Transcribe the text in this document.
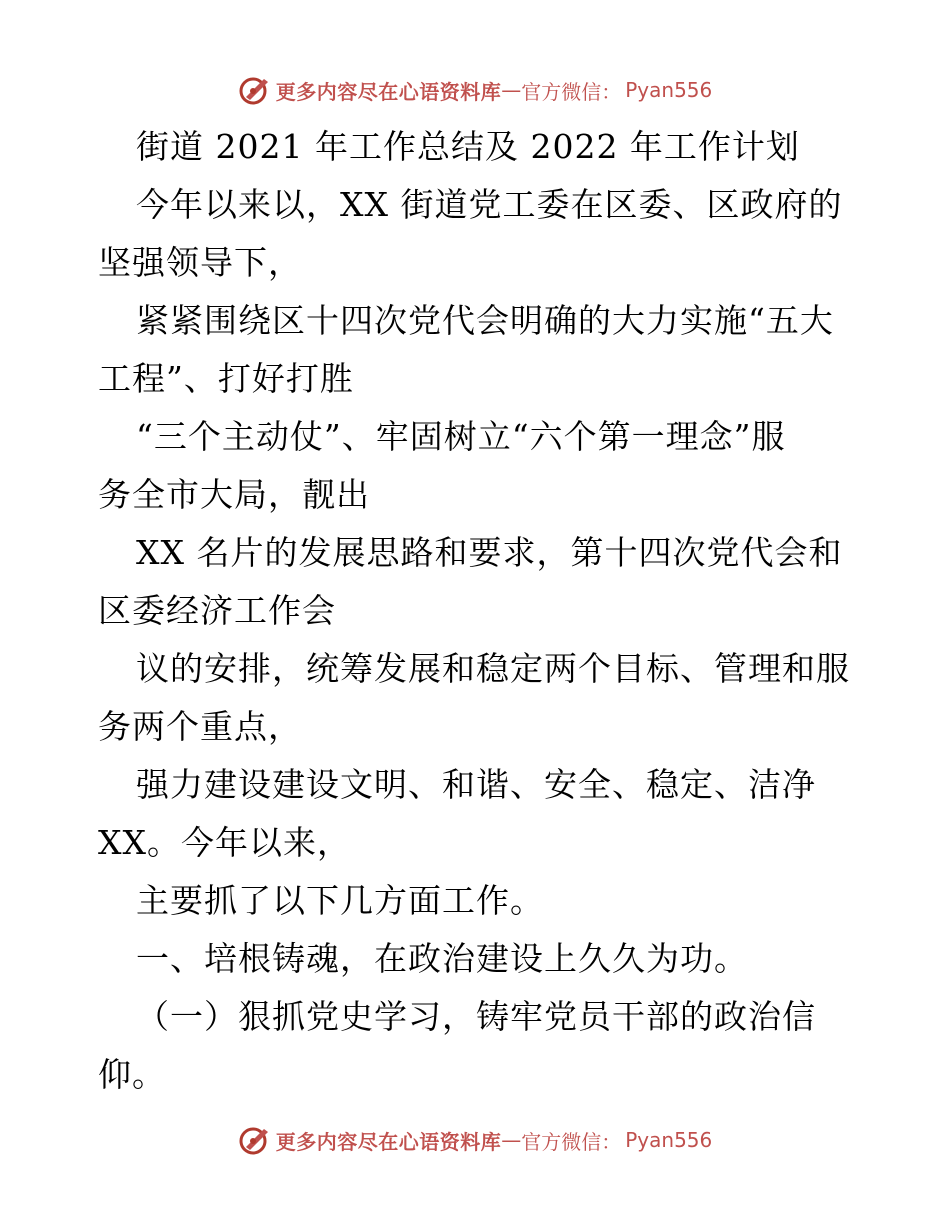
更多内容尽在心语资料库 — 官方微信： Pyan556
街道 2021 年工作总结及 2022 年工作计划
今年以来以，XX 街道党工委在区委、区政府的
坚强领导下，
紧紧围绕区十四次党代会明确的大力实施“五大
工程”、打好打胜
“三个主动仗”、牢固树立“六个第一理念”服
务全市大局，靓出
XX 名片的发展思路和要求，第十四次党代会和
区委经济工作会
议的安排，统筹发展和稳定两个目标、管理和服
务两个重点，
强力建设建设文明、和谐、安全、稳定、洁净
XX。今年以来，
主要抓了以下几方面工作。
一、培根铸魂，在政治建设上久久为功。
（一）狠抓党史学习，铸牢党员干部的政治信
仰。
更多内容尽在心语资料库 — 官方微信： Pyan556
